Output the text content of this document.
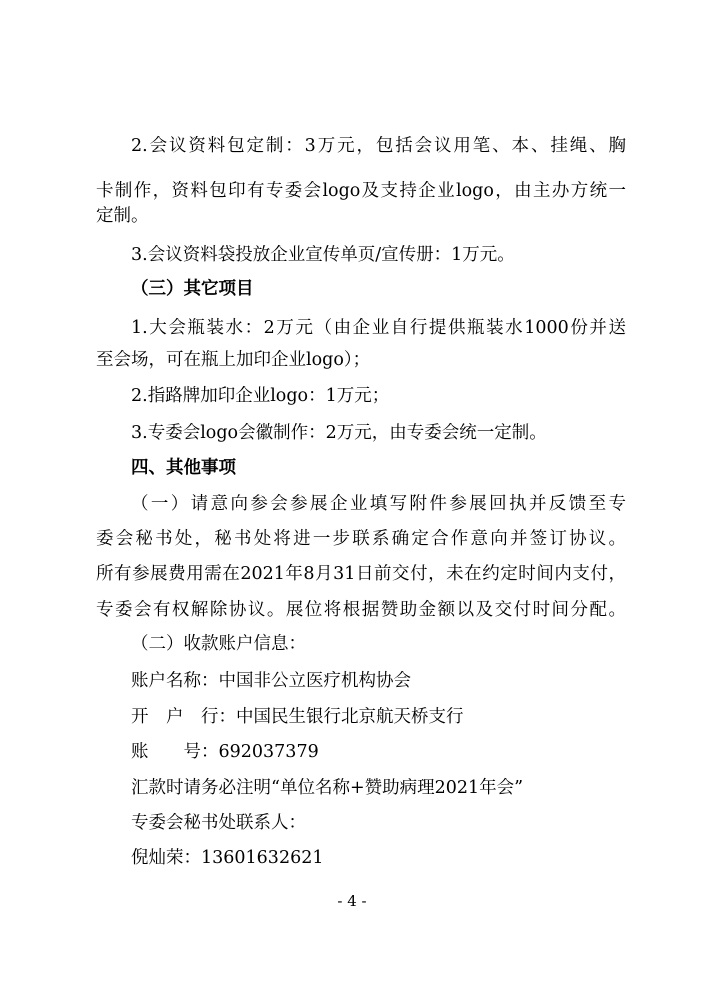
2.会议资料包定制：3万元，包括会议用笔、本、挂绳、胸
卡制作，资料包印有专委会logo及支持企业logo，由主办方统一
定制。
3.会议资料袋投放企业宣传单页/宣传册：1万元。
（三）其它项目
1.大会瓶装水：2万元（由企业自行提供瓶装水1000份并送
至会场，可在瓶上加印企业logo）；
2.指路牌加印企业logo：1万元；
3.专委会logo会徽制作：2万元，由专委会统一定制。
四、其他事项
（一）请意向参会参展企业填写附件参展回执并反馈至专
委会秘书处，秘书处将进一步联系确定合作意向并签订协议。
所有参展费用需在2021年8月31日前交付，未在约定时间内支付，
专委会有权解除协议。展位将根据赞助金额以及交付时间分配。
（二）收款账户信息：
账户名称：中国非公立医疗机构协会
开　户　行：中国民生银行北京航天桥支行
账　　号：692037379
汇款时请务必注明“单位名称+赞助病理2021年会”
专委会秘书处联系人：
倪灿荣：13601632621
- 4 -
